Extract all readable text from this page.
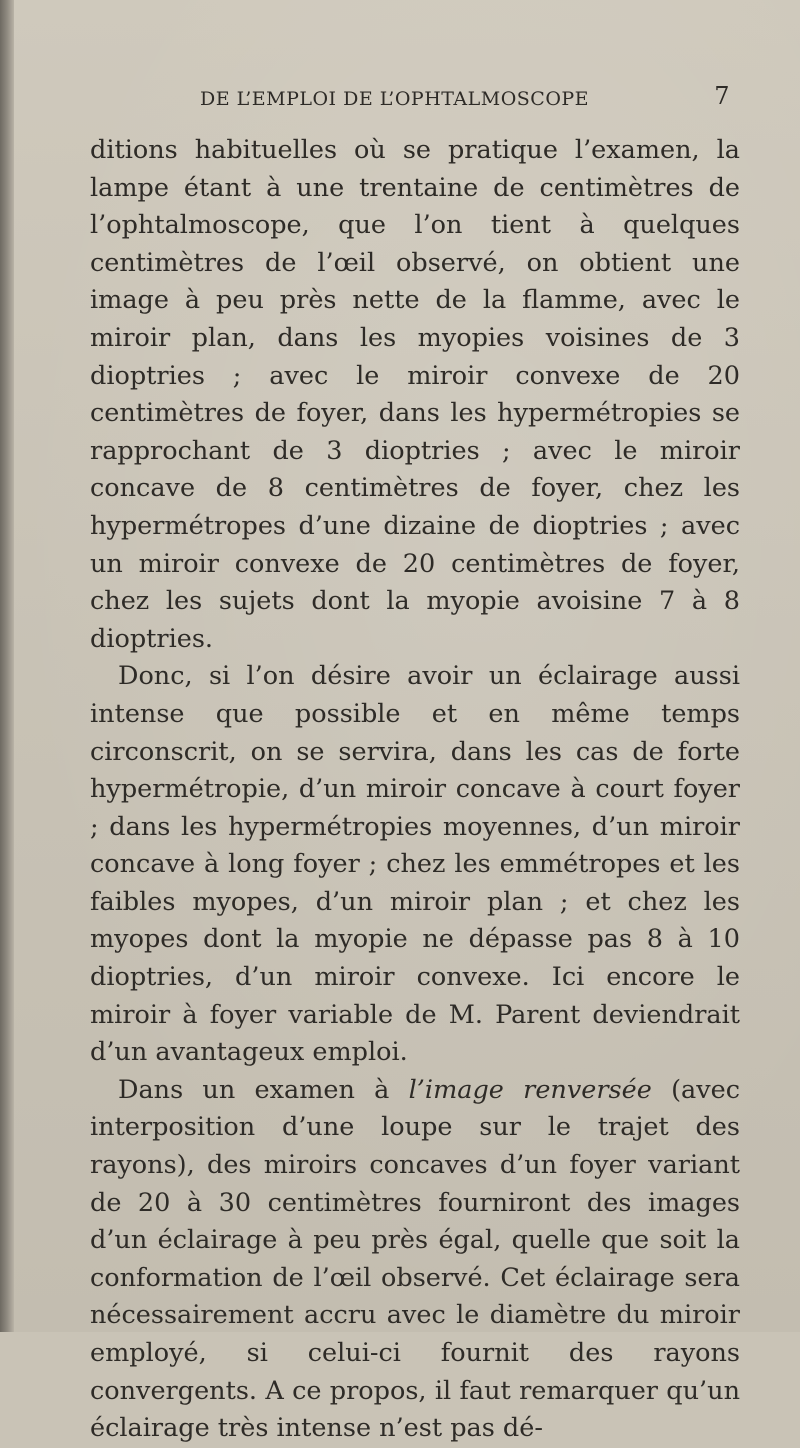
DE L’EMPLOI DE L’OPHTALMOSCOPE	7

ditions habituelles où se pratique l’examen, la lampe étant à une trentaine de centimètres de l’ophtalmoscope, que l’on tient à quelques centimètres de l’œil observé, on obtient une image à peu près nette de la flamme, avec le miroir plan, dans les myopies voisines de 3 dioptries ; avec le miroir convexe de 20 centimètres de foyer, dans les hypermétropies se rapprochant de 3 dioptries ; avec le miroir concave de 8 centimètres de foyer, chez les hypermétropes d’une dizaine de dioptries ; avec un miroir convexe de 20 centimètres de foyer, chez les sujets dont la myopie avoisine 7 à 8 dioptries.

Donc, si l’on désire avoir un éclairage aussi intense que possible et en même temps circonscrit, on se servira, dans les cas de forte hypermétropie, d’un miroir concave à court foyer ; dans les hypermétropies moyennes, d’un miroir concave à long foyer ; chez les emmétropes et les faibles myopes, d’un miroir plan ; et chez les myopes dont la myopie ne dépasse pas 8 à 10 dioptries, d’un miroir convexe. Ici encore le miroir à foyer variable de M. Parent deviendrait d’un avantageux emploi.

Dans un examen à l’image renversée (avec interposition d’une loupe sur le trajet des rayons), des miroirs concaves d’un foyer variant de 20 à 30 centimètres fourniront des images d’un éclairage à peu près égal, quelle que soit la conformation de l’œil observé. Cet éclairage sera nécessairement accru avec le diamètre du miroir employé, si celui-ci fournit des rayons convergents. A ce propos, il faut remarquer qu’un éclairage très intense n’est pas dé-
